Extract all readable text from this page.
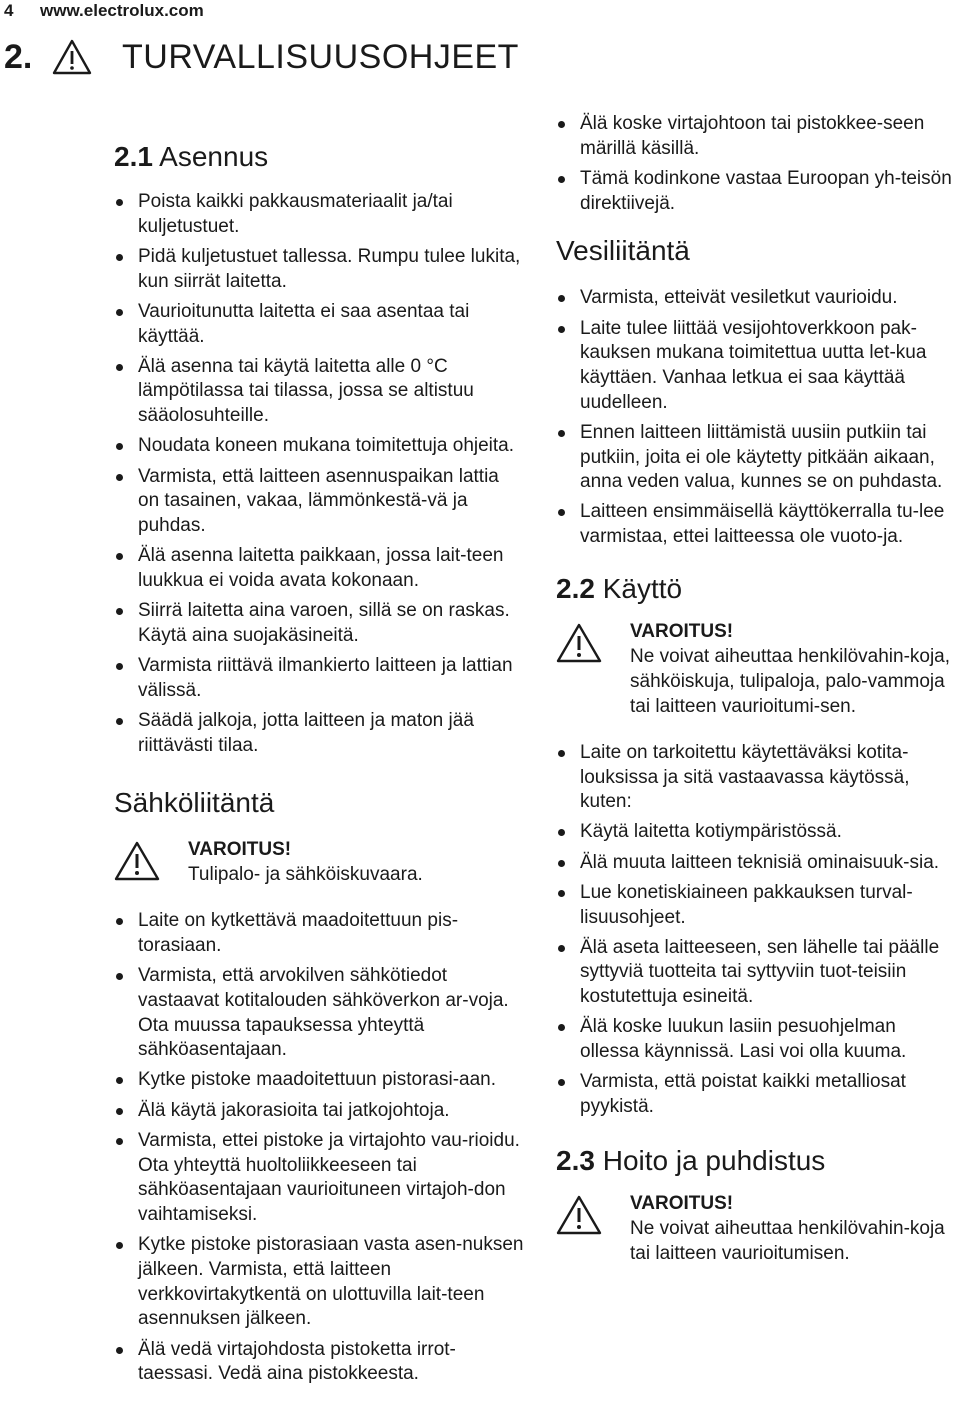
4 www.electrolux.com
2.	TURVALLISUUSOHJEET
2.1 Asennus
Poista kaikki pakkausmateriaalit ja/tai kuljetustuet.
Pidä kuljetustuet tallessa. Rumpu tulee lukita, kun siirrät laitetta.
Vaurioitunutta laitetta ei saa asentaa tai käyttää.
Älä asenna tai käytä laitetta alle 0 °C lämpötilassa tai tilassa, jossa se altistuu sääolosuhteille.
Noudata koneen mukana toimitettuja ohjeita.
Varmista, että laitteen asennuspaikan lattia on tasainen, vakaa, lämmönkestä-vä ja puhdas.
Älä asenna laitetta paikkaan, jossa lait-teen luukkua ei voida avata kokonaan.
Siirrä laitetta aina varoen, sillä se on raskas. Käytä aina suojakäsineitä.
Varmista riittävä ilmankierto laitteen ja lattian välissä.
Säädä jalkoja, jotta laitteen ja maton jää riittävästi tilaa.
Sähköliitäntä
VAROITUS!
Tulipalo- ja sähköiskuvaara.
Laite on kytkettävä maadoitettuun pis-torasiaan.
Varmista, että arvokilven sähkötiedot vastaavat kotitalouden sähköverkon ar-voja. Ota muussa tapauksessa yhteyttä sähköasentajaan.
Kytke pistoke maadoitettuun pistorasi-aan.
Älä käytä jakorasioita tai jatkojohtoja.
Varmista, ettei pistoke ja virtajohto vau-rioidu. Ota yhteyttä huoltoliikkeeseen tai sähköasentajaan vaurioituneen virtajoh-don vaihtamiseksi.
Kytke pistoke pistorasiaan vasta asen-nuksen jälkeen. Varmista, että laitteen verkkovirtakytkentä on ulottuvilla lait-teen asennuksen jälkeen.
Älä vedä virtajohdosta pistoketta irrot-taessasi. Vedä aina pistokkeesta.
Älä koske virtajohtoon tai pistokkee-seen märillä käsillä.
Tämä kodinkone vastaa Euroopan yh-teisön direktiivejä.
Vesiliitäntä
Varmista, etteivät vesiletkut vaurioidu.
Laite tulee liittää vesijohtoverkkoon pak-kauksen mukana toimitettua uutta let-kua käyttäen. Vanhaa letkua ei saa käyttää uudelleen.
Ennen laitteen liittämistä uusiin putkiin tai putkiin, joita ei ole käytetty pitkään aikaan, anna veden valua, kunnes se on puhdasta.
Laitteen ensimmäisellä käyttökerralla tu-lee varmistaa, ettei laitteessa ole vuoto-ja.
2.2 Käyttö
VAROITUS!
Ne voivat aiheuttaa henkilövahin-koja, sähköiskuja, tulipaloja, palo-vammoja tai laitteen vaurioitumi-sen.
Laite on tarkoitettu käytettäväksi kotita-louksissa ja sitä vastaavassa käytössä, kuten:
Käytä laitetta kotiympäristössä.
Älä muuta laitteen teknisiä ominaisuuk-sia.
Lue konetiskiaineen pakkauksen turval-lisuusohjeet.
Älä aseta laitteeseen, sen lähelle tai päälle syttyviä tuotteita tai syttyviin tuot-teisiin kostutettuja esineitä.
Älä koske luukun lasiin pesuohjelman ollessa käynnissä. Lasi voi olla kuuma.
Varmista, että poistat kaikki metalliosat pyykistä.
2.3 Hoito ja puhdistus
VAROITUS!
Ne voivat aiheuttaa henkilövahin-koja tai laitteen vaurioitumisen.
